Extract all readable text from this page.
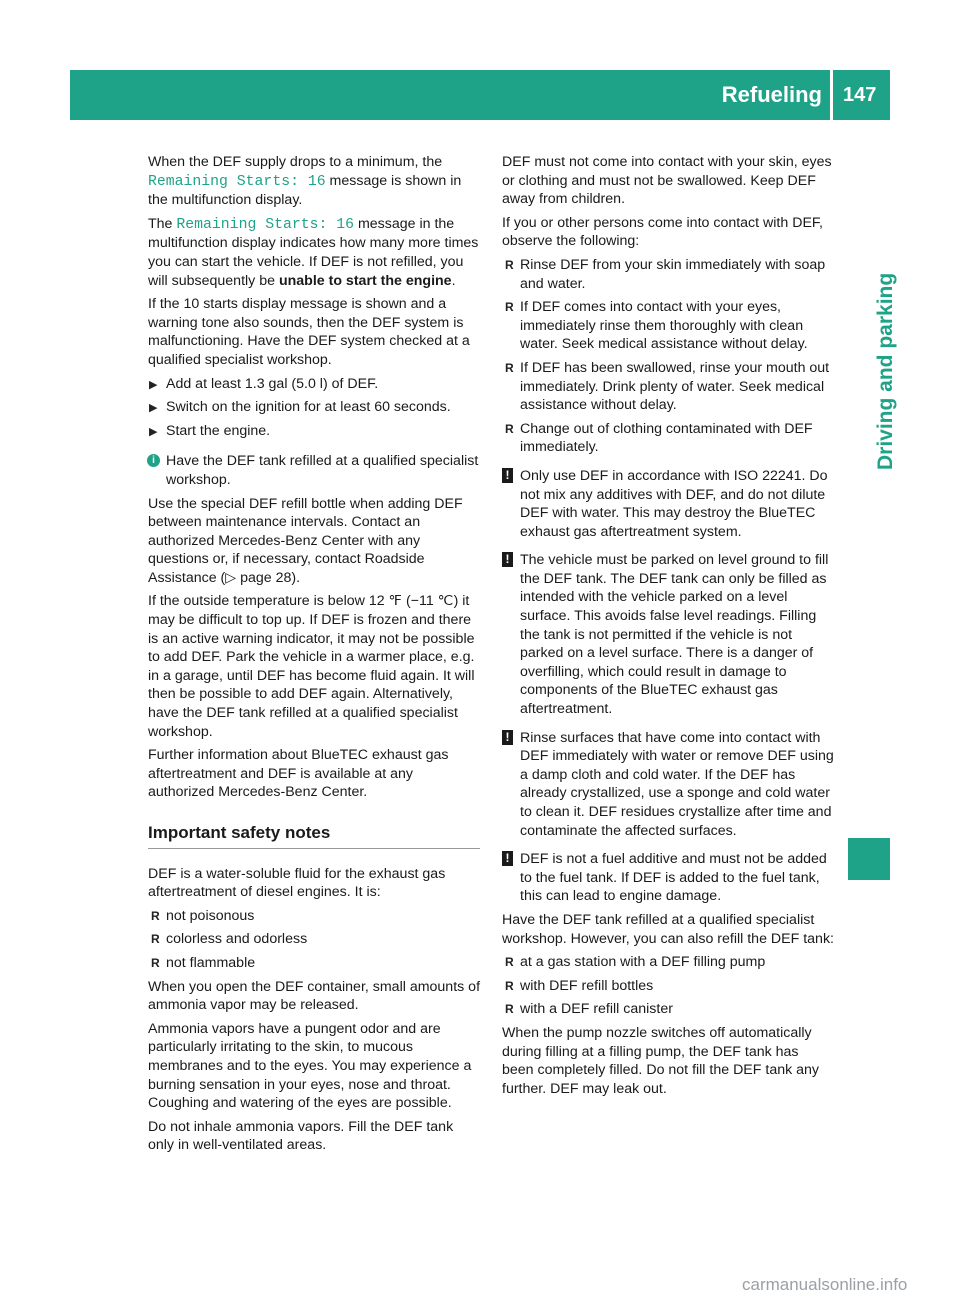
Refueling 147
Driving and parking

When the DEF supply drops to a minimum, the Remaining Starts: 16 message is shown in the multifunction display.

The Remaining Starts: 16 message in the multifunction display indicates how many more times you can start the vehicle. If DEF is not refilled, you will subsequently be unable to start the engine.

If the 10 starts display message is shown and a warning tone also sounds, then the DEF system is malfunctioning. Have the DEF system checked at a qualified specialist workshop.

▶ Add at least 1.3 gal (5.0 l) of DEF.
▶ Switch on the ignition for at least 60 seconds.
▶ Start the engine.
i Have the DEF tank refilled at a qualified specialist workshop.

Use the special DEF refill bottle when adding DEF between maintenance intervals. Contact an authorized Mercedes-Benz Center with any questions or, if necessary, contact Roadside Assistance (▷ page 28).

If the outside temperature is below 12 ℉ (−11 ℃) it may be difficult to top up. If DEF is frozen and there is an active warning indicator, it may not be possible to add DEF. Park the vehicle in a warmer place, e.g. in a garage, until DEF has become fluid again. It will then be possible to add DEF again. Alternatively, have the DEF tank refilled at a qualified specialist workshop.

Further information about BlueTEC exhaust gas aftertreatment and DEF is available at any authorized Mercedes-Benz Center.

Important safety notes

DEF is a water-soluble fluid for the exhaust gas aftertreatment of diesel engines. It is:

R not poisonous
R colorless and odorless
R not flammable

When you open the DEF container, small amounts of ammonia vapor may be released.

Ammonia vapors have a pungent odor and are particularly irritating to the skin, to mucous membranes and to the eyes. You may experience a burning sensation in your eyes, nose and throat. Coughing and watering of the eyes are possible.

Do not inhale ammonia vapors. Fill the DEF tank only in well-ventilated areas.

DEF must not come into contact with your skin, eyes or clothing and must not be swallowed. Keep DEF away from children.

If you or other persons come into contact with DEF, observe the following:

R Rinse DEF from your skin immediately with soap and water.
R If DEF comes into contact with your eyes, immediately rinse them thoroughly with clean water. Seek medical assistance without delay.
R If DEF has been swallowed, rinse your mouth out immediately. Drink plenty of water. Seek medical assistance without delay.
R Change out of clothing contaminated with DEF immediately.
! Only use DEF in accordance with ISO 22241. Do not mix any additives with DEF, and do not dilute DEF with water. This may destroy the BlueTEC exhaust gas aftertreatment system.
! The vehicle must be parked on level ground to fill the DEF tank. The DEF tank can only be filled as intended with the vehicle parked on a level surface. This avoids false level readings. Filling the tank is not permitted if the vehicle is not parked on a level surface. There is a danger of overfilling, which could result in damage to components of the BlueTEC exhaust gas aftertreatment.
! Rinse surfaces that have come into contact with DEF immediately with water or remove DEF using a damp cloth and cold water. If the DEF has already crystallized, use a sponge and cold water to clean it. DEF residues crystallize after time and contaminate the affected surfaces.
! DEF is not a fuel additive and must not be added to the fuel tank. If DEF is added to the fuel tank, this can lead to engine damage.

Have the DEF tank refilled at a qualified specialist workshop. However, you can also refill the DEF tank:

R at a gas station with a DEF filling pump
R with DEF refill bottles
R with a DEF refill canister

When the pump nozzle switches off automatically during filling at a filling pump, the DEF tank has been completely filled. Do not fill the DEF tank any further. DEF may leak out.

carmanualsonline.info
